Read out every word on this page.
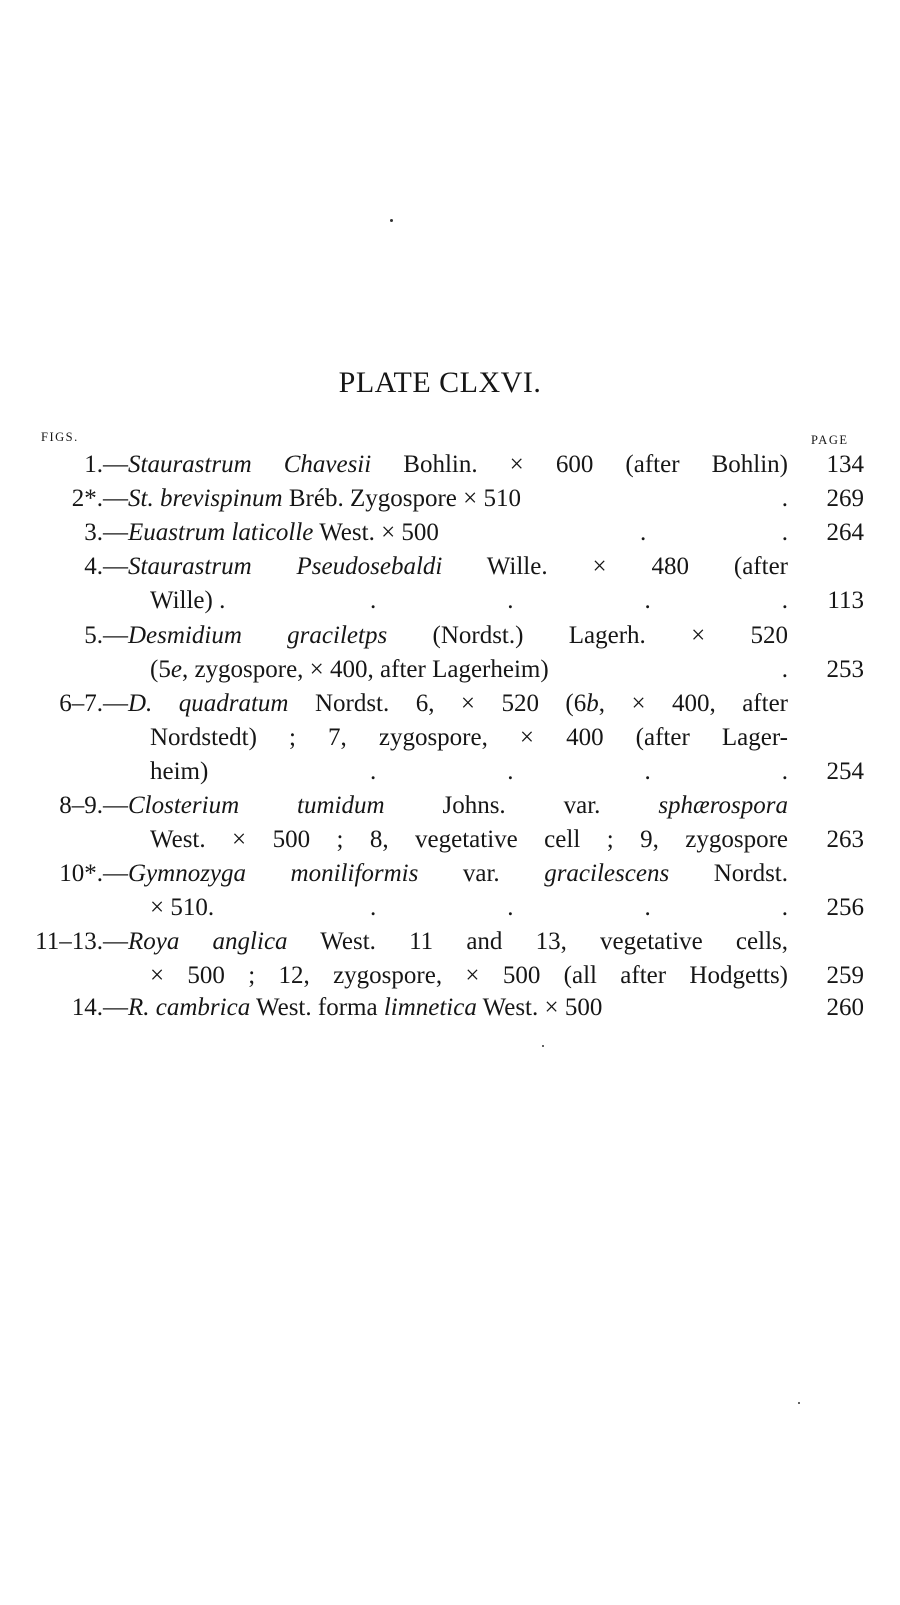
PLATE CLXVI.
FIGS.	PAGE
1.— Staurastrum Chavesii Bohlin. × 600 (after Bohlin)	134
2*.— St. brevispinum Bréb. Zygospore × 510	.	269
3.— Euastrum laticolle West. × 500	.	.	264
4.— Staurastrum Pseudosebaldi Wille. × 480 (after
Wille) .	.	.	.	.	113
5.— Desmidium graciletps (Nordst.) Lagerh. × 520
(5e, zygospore, × 400, after Lagerheim)	.	253
6–7.— D. quadratum Nordst. 6, × 520 (6b, × 400, after
Nordstedt) ; 7, zygospore, × 400 (after Lager-
heim)	.	.	.	.	254
8–9.— Closterium tumidum Johns. var. sphærospora
West. × 500 ; 8, vegetative cell ; 9, zygospore	263
10*.— Gymnozyga moniliformis var. gracilescens Nordst.
× 510.	.	.	.	.	256
11–13.— Roya anglica West. 11 and 13, vegetative cells,
× 500 ; 12, zygospore, × 500 (all after Hodgetts)	259
14.— R. cambrica West. forma limnetica West. × 500	260
